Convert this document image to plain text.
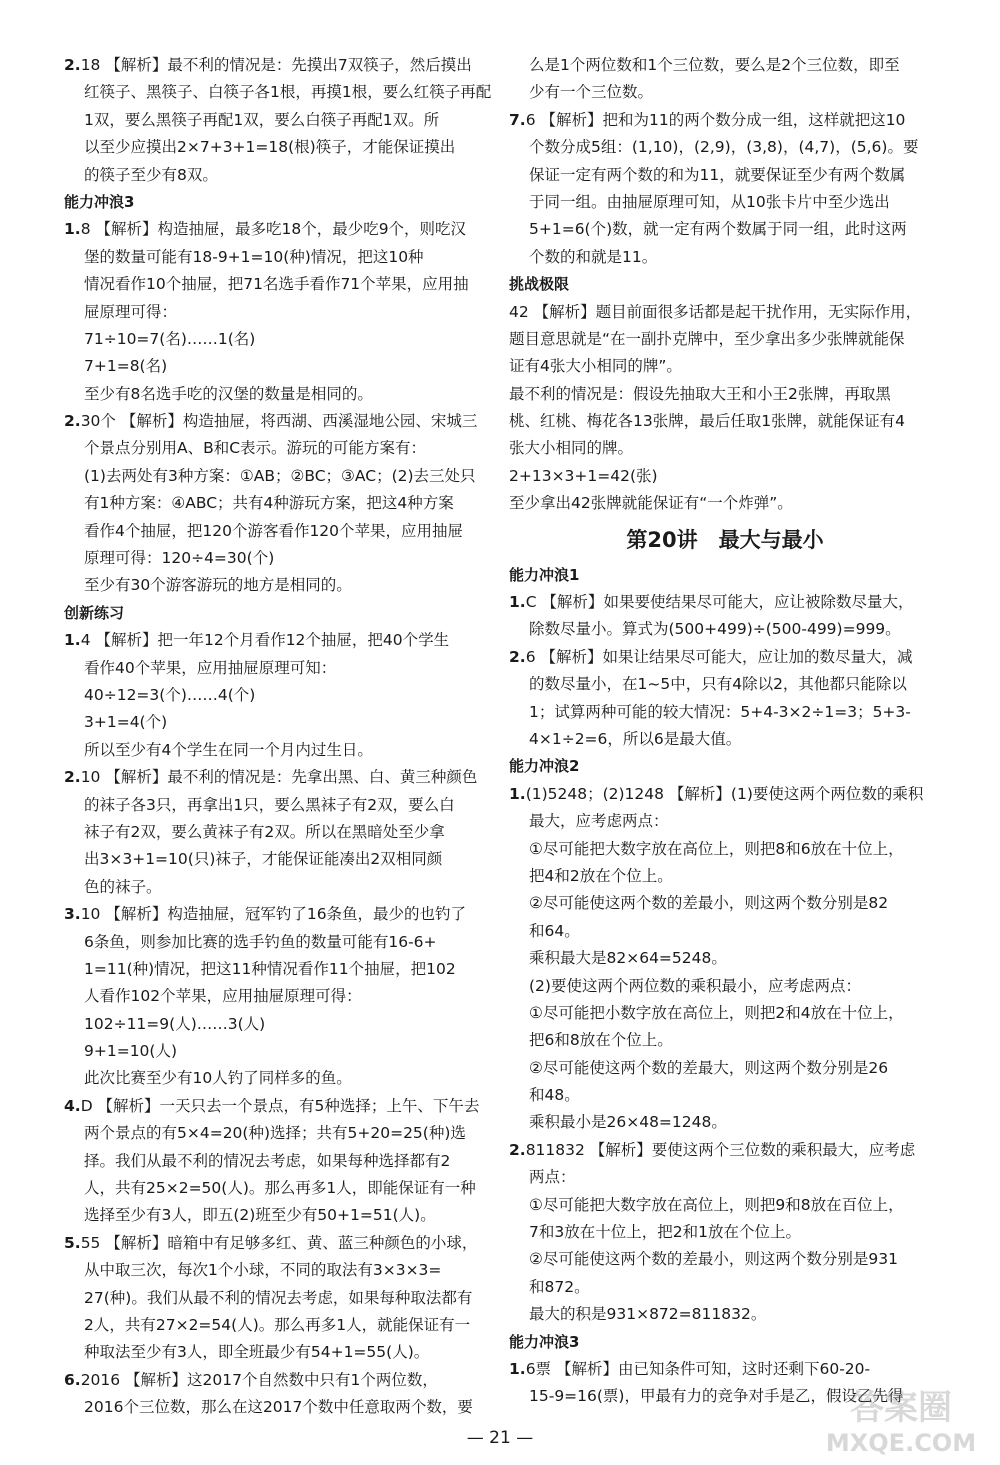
2.18 【解析】最不利的情况是：先摸出7双筷子，然后摸出
红筷子、黑筷子、白筷子各1根，再摸1根，要么红筷子再配
1双，要么黑筷子再配1双，要么白筷子再配1双。所
以至少应摸出2×7+3+1=18(根)筷子，才能保证摸出
的筷子至少有8双。
能力冲浪3
1.8 【解析】构造抽屉，最多吃18个，最少吃9个，则吃汉
堡的数量可能有18-9+1=10(种)情况，把这10种
情况看作10个抽屉，把71名选手看作71个苹果，应用抽
屉原理可得：
71÷10=7(名)……1(名)
7+1=8(名)
至少有8名选手吃的汉堡的数量是相同的。
2.30个 【解析】构造抽屉，将西湖、西溪湿地公园、宋城三
个景点分别用A、B和C表示。游玩的可能方案有：
(1)去两处有3种方案：①AB；②BC；③AC；(2)去三处只
有1种方案：④ABC；共有4种游玩方案，把这4种方案
看作4个抽屉，把120个游客看作120个苹果，应用抽屉
原理可得：120÷4=30(个)
至少有30个游客游玩的地方是相同的。
创新练习
1.4 【解析】把一年12个月看作12个抽屉，把40个学生
看作40个苹果，应用抽屉原理可知：
40÷12=3(个)……4(个)
3+1=4(个)
所以至少有4个学生在同一个月内过生日。
2.10 【解析】最不利的情况是：先拿出黑、白、黄三种颜色
的袜子各3只，再拿出1只，要么黑袜子有2双，要么白
袜子有2双，要么黄袜子有2双。所以在黑暗处至少拿
出3×3+1=10(只)袜子，才能保证能凑出2双相同颜
色的袜子。
3.10 【解析】构造抽屉，冠军钓了16条鱼，最少的也钓了
6条鱼，则参加比赛的选手钓鱼的数量可能有16-6+
1=11(种)情况，把这11种情况看作11个抽屉，把102
人看作102个苹果，应用抽屉原理可得：
102÷11=9(人)……3(人)
9+1=10(人)
此次比赛至少有10人钓了同样多的鱼。
4.D 【解析】一天只去一个景点，有5种选择；上午、下午去
两个景点的有5×4=20(种)选择；共有5+20=25(种)选
择。我们从最不利的情况去考虑，如果每种选择都有2
人，共有25×2=50(人)。那么再多1人，即能保证有一种
选择至少有3人，即五(2)班至少有50+1=51(人)。
5.55 【解析】暗箱中有足够多红、黄、蓝三种颜色的小球，
从中取三次，每次1个小球，不同的取法有3×3×3=
27(种)。我们从最不利的情况去考虑，如果每种取法都有
2人，共有27×2=54(人)。那么再多1人，就能保证有一
种取法至少有3人，即全班最少有54+1=55(人)。
6.2016 【解析】这2017个自然数中只有1个两位数，
2016个三位数，那么在这2017个数中任意取两个数，要
么是1个两位数和1个三位数，要么是2个三位数，即至
少有一个三位数。
7.6 【解析】把和为11的两个数分成一组，这样就把这10
个数分成5组：(1,10)，(2,9)，(3,8)，(4,7)，(5,6)。要
保证一定有两个数的和为11，就要保证至少有两个数属
于同一组。由抽屉原理可知，从10张卡片中至少选出
5+1=6(个)数，就一定有两个数属于同一组，此时这两
个数的和就是11。
挑战极限
42 【解析】题目前面很多话都是起干扰作用，无实际作用，
题目意思就是“在一副扑克牌中，至少拿出多少张牌就能保
证有4张大小相同的牌”。
最不利的情况是：假设先抽取大王和小王2张牌，再取黑
桃、红桃、梅花各13张牌，最后任取1张牌，就能保证有4
张大小相同的牌。
2+13×3+1=42(张)
至少拿出42张牌就能保证有“一个炸弹”。
第20讲　最大与最小
能力冲浪1
1.C 【解析】如果要使结果尽可能大，应让被除数尽量大，
除数尽量小。算式为(500+499)÷(500-499)=999。
2.6 【解析】如果让结果尽可能大，应让加的数尽量大，减
的数尽量小，在1~5中，只有4除以2，其他都只能除以
1；试算两种可能的较大情况：5+4-3×2÷1=3；5+3-
4×1÷2=6，所以6是最大值。
能力冲浪2
1.(1)5248；(2)1248 【解析】(1)要使这两个两位数的乘积
最大，应考虑两点：
①尽可能把大数字放在高位上，则把8和6放在十位上，
把4和2放在个位上。
②尽可能使这两个数的差最小，则这两个数分别是82
和64。
乘积最大是82×64=5248。
(2)要使这两个两位数的乘积最小，应考虑两点：
①尽可能把小数字放在高位上，则把2和4放在十位上，
把6和8放在个位上。
②尽可能使这两个数的差最大，则这两个数分别是26
和48。
乘积最小是26×48=1248。
2.811832 【解析】要使这两个三位数的乘积最大，应考虑
两点：
①尽可能把大数字放在高位上，则把9和8放在百位上，
7和3放在十位上，把2和1放在个位上。
②尽可能使这两个数的差最小，则这两个数分别是931
和872。
最大的积是931×872=811832。
能力冲浪3
1.6票 【解析】由已知条件可知，这时还剩下60-20-
15-9=16(票)，甲最有力的竞争对手是乙，假设乙先得
— 21 —
答案圈
MXQE.COM
